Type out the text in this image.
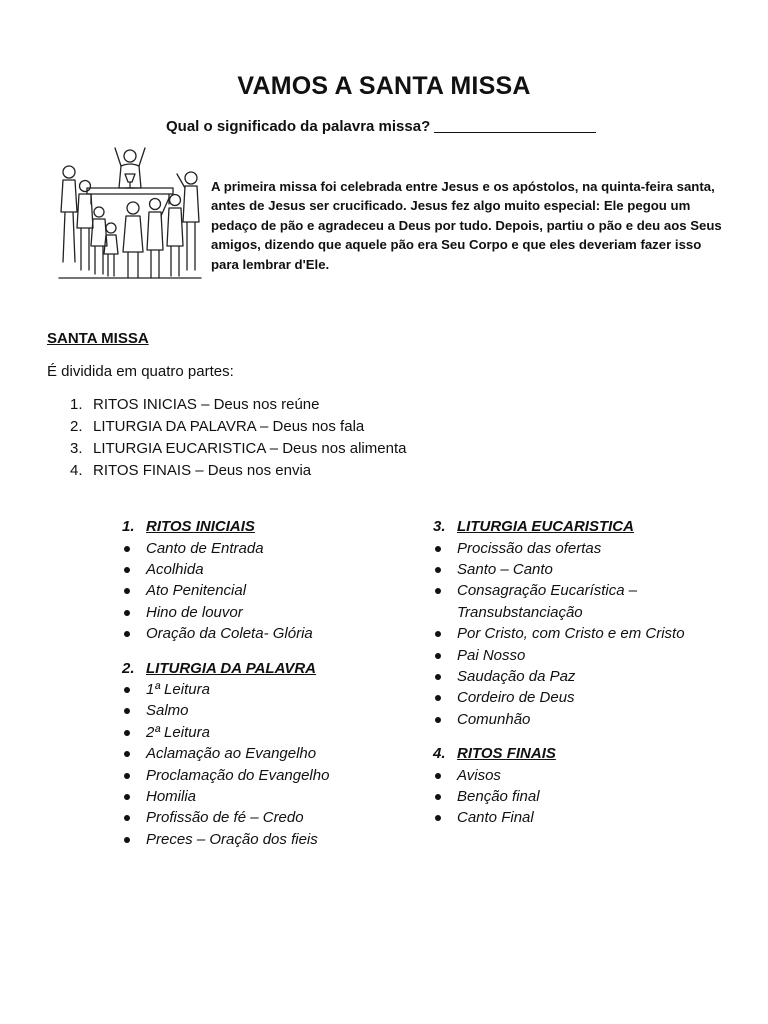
VAMOS A SANTA MISSA
Qual o significado da palavra missa?
A primeira missa foi celebrada entre Jesus e os apóstolos, na quinta-feira santa, antes de Jesus ser crucificado. Jesus fez algo muito especial: Ele pegou um pedaço de pão e agradeceu a Deus por tudo. Depois, partiu o pão e deu aos Seus amigos, dizendo que aquele pão era Seu Corpo e que eles deveriam fazer isso para lembrar d'Ele.
SANTA MISSA
É dividida em quatro partes:
1. RITOS INICIAS – Deus nos reúne
2. LITURGIA DA PALAVRA – Deus nos fala
3. LITURGIA EUCARISTICA – Deus nos alimenta
4. RITOS FINAIS – Deus nos envia
1. RITOS INICIAIS
Canto de Entrada
Acolhida
Ato Penitencial
Hino de louvor
Oração da Coleta- Glória
2. LITURGIA DA PALAVRA
1ª Leitura
Salmo
2ª Leitura
Aclamação ao Evangelho
Proclamação do Evangelho
Homilia
Profissão de fé – Credo
Preces – Oração dos fieis
3. LITURGIA EUCARISTICA
Procissão das ofertas
Santo – Canto
Consagração Eucarística –
Transubstanciação
Por Cristo, com Cristo e em Cristo
Pai Nosso
Saudação da Paz
Cordeiro de Deus
Comunhão
4. RITOS FINAIS
Avisos
Benção final
Canto Final
